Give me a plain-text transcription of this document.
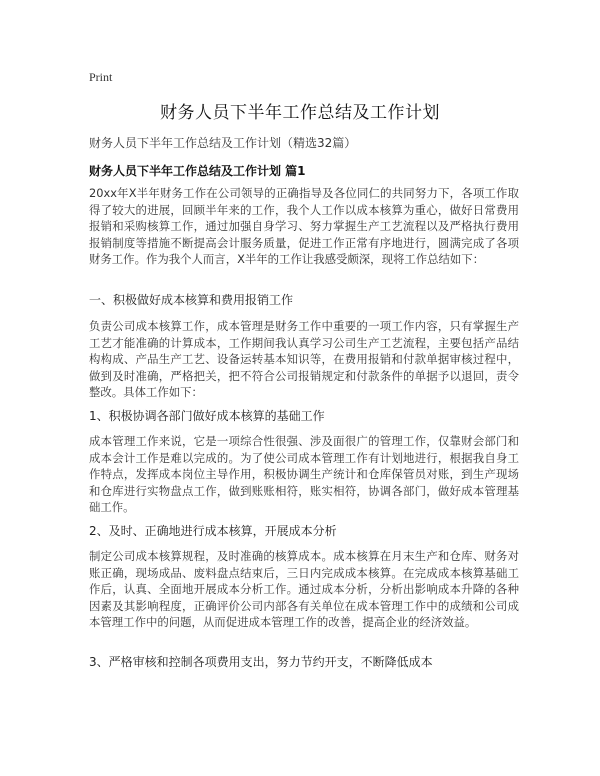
Print
财务人员下半年工作总结及工作计划
财务人员下半年工作总结及工作计划（精选32篇）
财务人员下半年工作总结及工作计划 篇1

20xx年X半年财务工作在公司领导的正确指导及各位同仁的共同努力下，各项工作取得了较大的进展，回顾半年来的工作，我个人工作以成本核算为重心，做好日常费用报销和采购核算工作，通过加强自身学习、努力掌握生产工艺流程以及严格执行费用报销制度等措施不断提高会计服务质量，促进工作正常有序地进行，圆满完成了各项财务工作。作为我个人而言，X半年的工作让我感受颇深，现将工作总结如下：

一、积极做好成本核算和费用报销工作

负责公司成本核算工作，成本管理是财务工作中重要的一项工作内容，只有掌握生产工艺才能准确的计算成本，工作期间我认真学习公司生产工艺流程，主要包括产品结构构成、产品生产工艺、设备运转基本知识等，在费用报销和付款单据审核过程中，做到及时准确，严格把关，把不符合公司报销规定和付款条件的单据予以退回，责令整改。具体工作如下：

1、积极协调各部门做好成本核算的基础工作

成本管理工作来说，它是一项综合性很强、涉及面很广的管理工作，仅靠财会部门和成本会计工作是难以完成的。为了使公司成本管理工作有计划地进行，根据我自身工作特点，发挥成本岗位主导作用，积极协调生产统计和仓库保管员对账，到生产现场和仓库进行实物盘点工作，做到账账相符，账实相符，协调各部门，做好成本管理基础工作。

2、及时、正确地进行成本核算，开展成本分析

制定公司成本核算规程，及时准确的核算成本。成本核算在月末生产和仓库、财务对账正确，现场成品、废料盘点结束后，三日内完成成本核算。在完成成本核算基础工作后，认真、全面地开展成本分析工作。通过成本分析，分析出影响成本升降的各种因素及其影响程度，正确评价公司内部各有关单位在成本管理工作中的成绩和公司成本管理工作中的问题，从而促进成本管理工作的改善，提高企业的经济效益。

3、严格审核和控制各项费用支出，努力节约开支，不断降低成本
